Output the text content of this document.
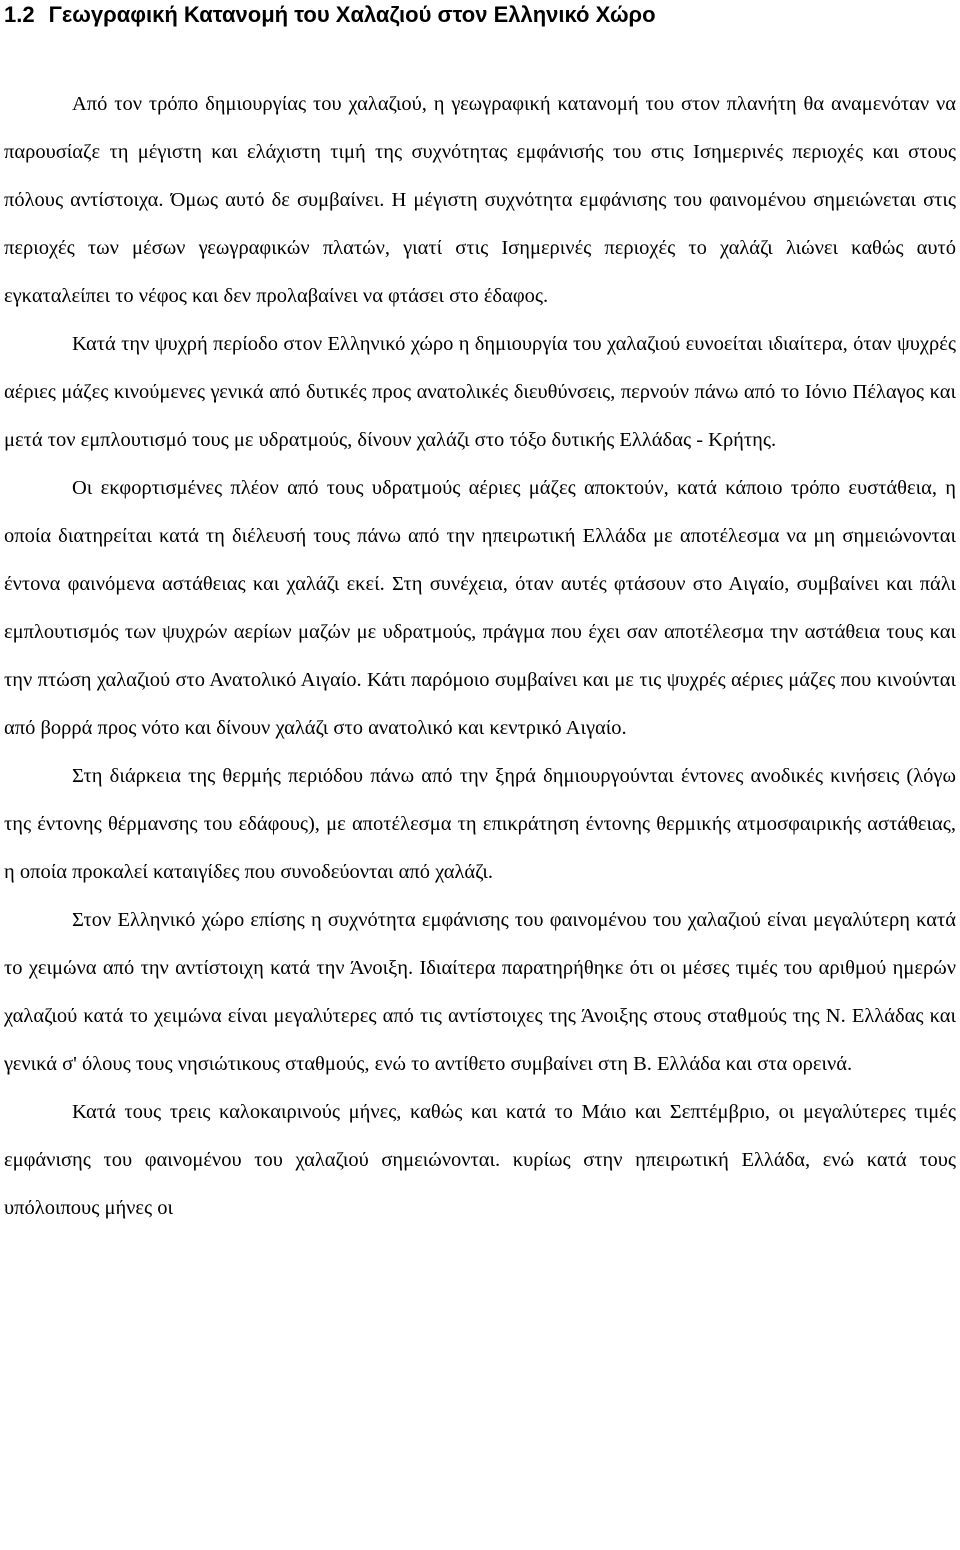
1.2 Γεωγραφική Κατανομή του Χαλαζιού στον Ελληνικό Χώρο

Από τον τρόπο δημιουργίας του χαλαζιού, η γεωγραφική κατανομή του στον πλανήτη θα αναμενόταν να παρουσίαζε τη μέγιστη και ελάχιστη τιμή της συχνότητας εμφάνισής του στις Ισημερινές περιοχές και στους πόλους αντίστοιχα. Όμως αυτό δε συμβαίνει. Η μέγιστη συχνότητα εμφάνισης του φαινομένου σημειώνεται στις περιοχές των μέσων γεωγραφικών πλατών, γιατί στις Ισημερινές περιοχές το χαλάζι λιώνει καθώς αυτό εγκαταλείπει το νέφος και δεν προλαβαίνει να φτάσει στο έδαφος.

Κατά την ψυχρή περίοδο στον Ελληνικό χώρο η δημιουργία του χαλαζιού ευνοείται ιδιαίτερα, όταν ψυχρές αέριες μάζες κινούμενες γενικά από δυτικές προς ανατολικές διευθύνσεις, περνούν πάνω από το Ιόνιο Πέλαγος και μετά τον εμπλουτισμό τους με υδρατμούς, δίνουν χαλάζι στο τόξο δυτικής Ελλάδας - Κρήτης.

Οι εκφορτισμένες πλέον από τους υδρατμούς αέριες μάζες αποκτούν, κατά κάποιο τρόπο ευστάθεια, η οποία διατηρείται κατά τη διέλευσή τους πάνω από την ηπειρωτική Ελλάδα με αποτέλεσμα να μη σημειώνονται έντονα φαινόμενα αστάθειας και χαλάζι εκεί. Στη συνέχεια, όταν αυτές φτάσουν στο Αιγαίο, συμβαίνει και πάλι εμπλουτισμός των ψυχρών αερίων μαζών με υδρατμούς, πράγμα που έχει σαν αποτέλεσμα την αστάθεια τους και την πτώση χαλαζιού στο Ανατολικό Αιγαίο. Κάτι παρόμοιο συμβαίνει και με τις ψυχρές αέριες μάζες που κινούνται από βορρά προς νότο και δίνουν χαλάζι στο ανατολικό και κεντρικό Αιγαίο.

Στη διάρκεια της θερμής περιόδου πάνω από την ξηρά δημιουργούνται έντονες ανοδικές κινήσεις (λόγω της έντονης θέρμανσης του εδάφους), με αποτέλεσμα τη επικράτηση έντονης θερμικής ατμοσφαιρικής αστάθειας, η οποία προκαλεί καταιγίδες που συνοδεύονται από χαλάζι.

Στον Ελληνικό χώρο επίσης η συχνότητα εμφάνισης του φαινομένου του χαλαζιού είναι μεγαλύτερη κατά το χειμώνα από την αντίστοιχη κατά την Άνοιξη. Ιδιαίτερα παρατηρήθηκε ότι οι μέσες τιμές του αριθμού ημερών χαλαζιού κατά το χειμώνα είναι μεγαλύτερες από τις αντίστοιχες της Άνοιξης στους σταθμούς της Ν. Ελλάδας και γενικά σ' όλους τους νησιώτικους σταθμούς, ενώ το αντίθετο συμβαίνει στη Β. Ελλάδα και στα ορεινά.

Κατά τους τρεις καλοκαιρινούς μήνες, καθώς και κατά το Μάιο και Σεπτέμβριο, οι μεγαλύτερες τιμές εμφάνισης του φαινομένου του χαλαζιού σημειώνονται. κυρίως στην ηπειρωτική Ελλάδα, ενώ κατά τους υπόλοιπους μήνες οι
